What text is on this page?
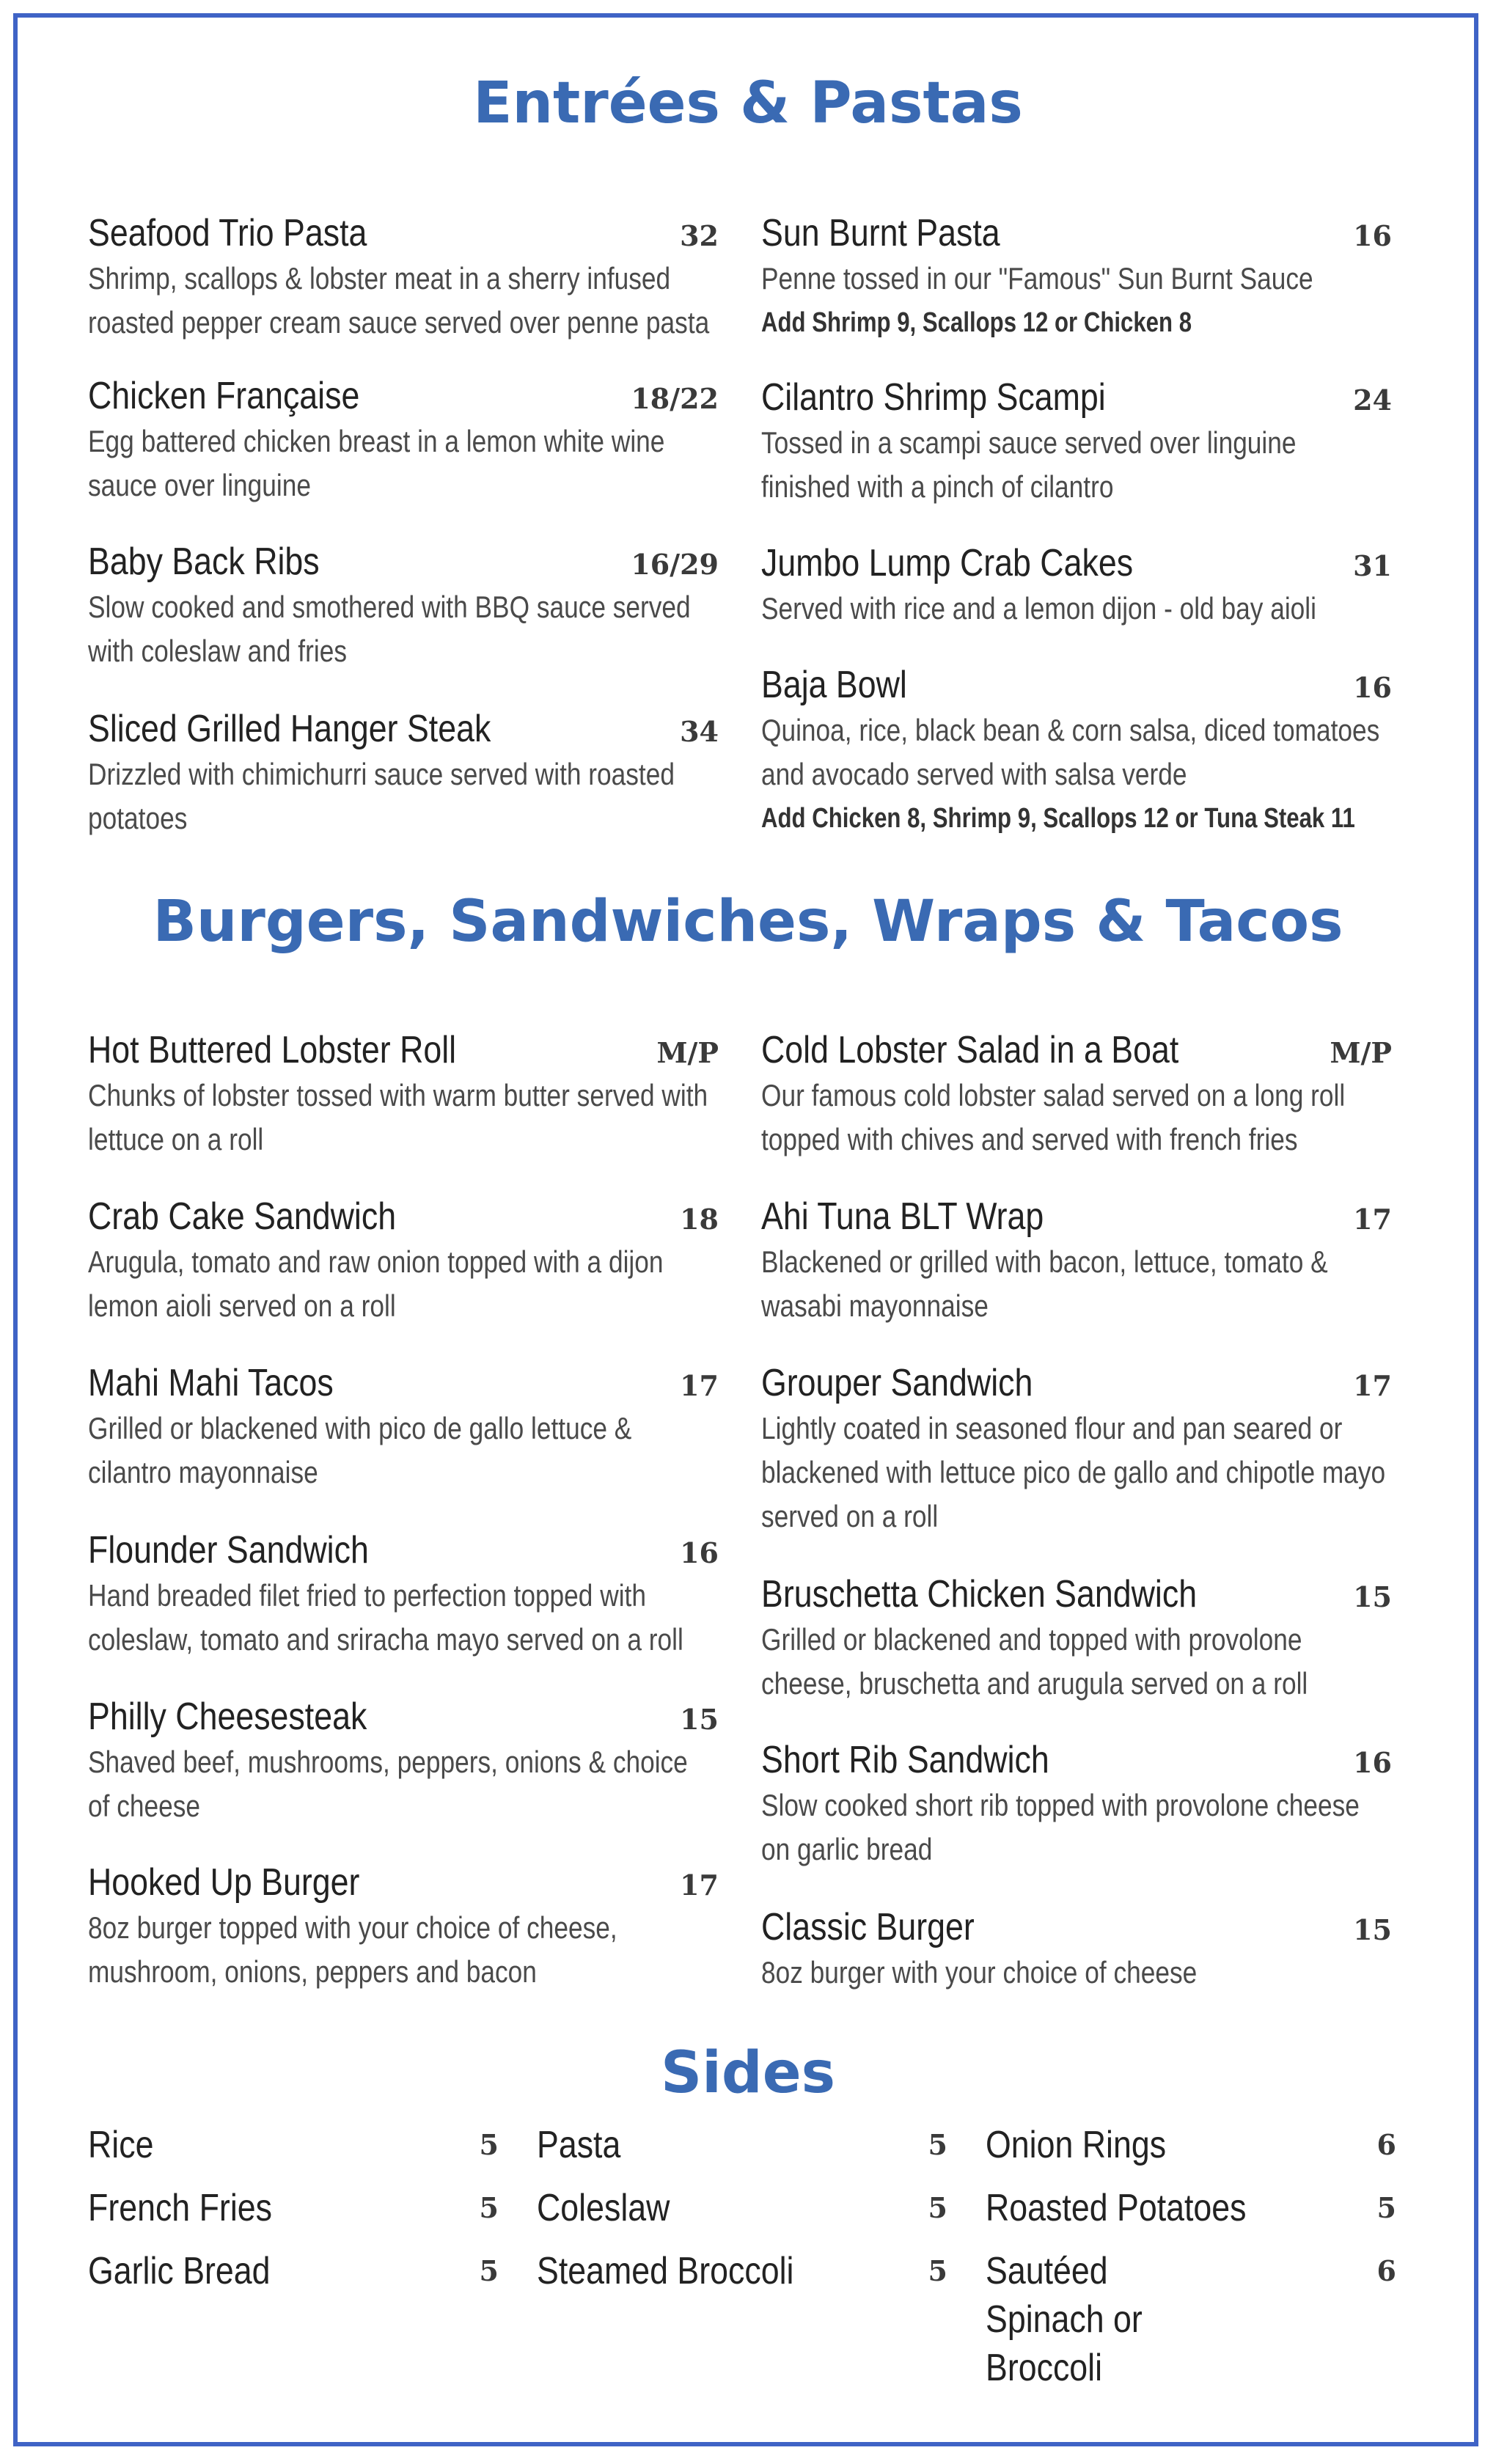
Entrées & Pastas
Seafood Trio Pasta	32
Shrimp, scallops & lobster meat in a sherry infused roasted pepper cream sauce served over penne pasta
Chicken Française	18/22
Egg battered chicken breast in a lemon white wine sauce over linguine
Baby Back Ribs	16/29
Slow cooked and smothered with BBQ sauce served with coleslaw and fries
Sliced Grilled Hanger Steak	34
Drizzled with chimichurri sauce served with roasted potatoes
Sun Burnt Pasta	16
Penne tossed in our "Famous" Sun Burnt Sauce
Add Shrimp 9, Scallops 12 or Chicken 8
Cilantro Shrimp Scampi	24
Tossed in a scampi sauce served over linguine finished with a pinch of cilantro
Jumbo Lump Crab Cakes	31
Served with rice and a lemon dijon - old bay aioli
Baja Bowl	16
Quinoa, rice, black bean & corn salsa, diced tomatoes and avocado served with salsa verde
Add Chicken 8, Shrimp 9, Scallops 12 or Tuna Steak 11
Burgers, Sandwiches, Wraps & Tacos
Hot Buttered Lobster Roll	M/P
Chunks of lobster tossed with warm butter served with lettuce on a roll
Crab Cake Sandwich	18
Arugula, tomato and raw onion topped with a dijon lemon aioli served on a roll
Mahi Mahi Tacos	17
Grilled or blackened with pico de gallo lettuce & cilantro mayonnaise
Flounder Sandwich	16
Hand breaded filet fried to perfection topped with coleslaw, tomato and sriracha mayo served on a roll
Philly Cheesesteak	15
Shaved beef, mushrooms, peppers, onions & choice of cheese
Hooked Up Burger	17
8oz burger topped with your choice of cheese, mushroom, onions, peppers and bacon
Cold Lobster Salad in a Boat	M/P
Our famous cold lobster salad served on a long roll topped with chives and served with french fries
Ahi Tuna BLT Wrap	17
Blackened or grilled with bacon, lettuce, tomato & wasabi mayonnaise
Grouper Sandwich	17
Lightly coated in seasoned flour and pan seared or blackened with lettuce pico de gallo and chipotle mayo served on a roll
Bruschetta Chicken Sandwich	15
Grilled or blackened and topped with provolone cheese, bruschetta and arugula served on a roll
Short Rib Sandwich	16
Slow cooked short rib topped with provolone cheese on garlic bread
Classic Burger	15
8oz burger with your choice of cheese
Sides
Rice	5
French Fries	5
Garlic Bread	5
Pasta	5
Coleslaw	5
Steamed Broccoli	5
Onion Rings	6
Roasted Potatoes	5
Sautéed Spinach or Broccoli
6
